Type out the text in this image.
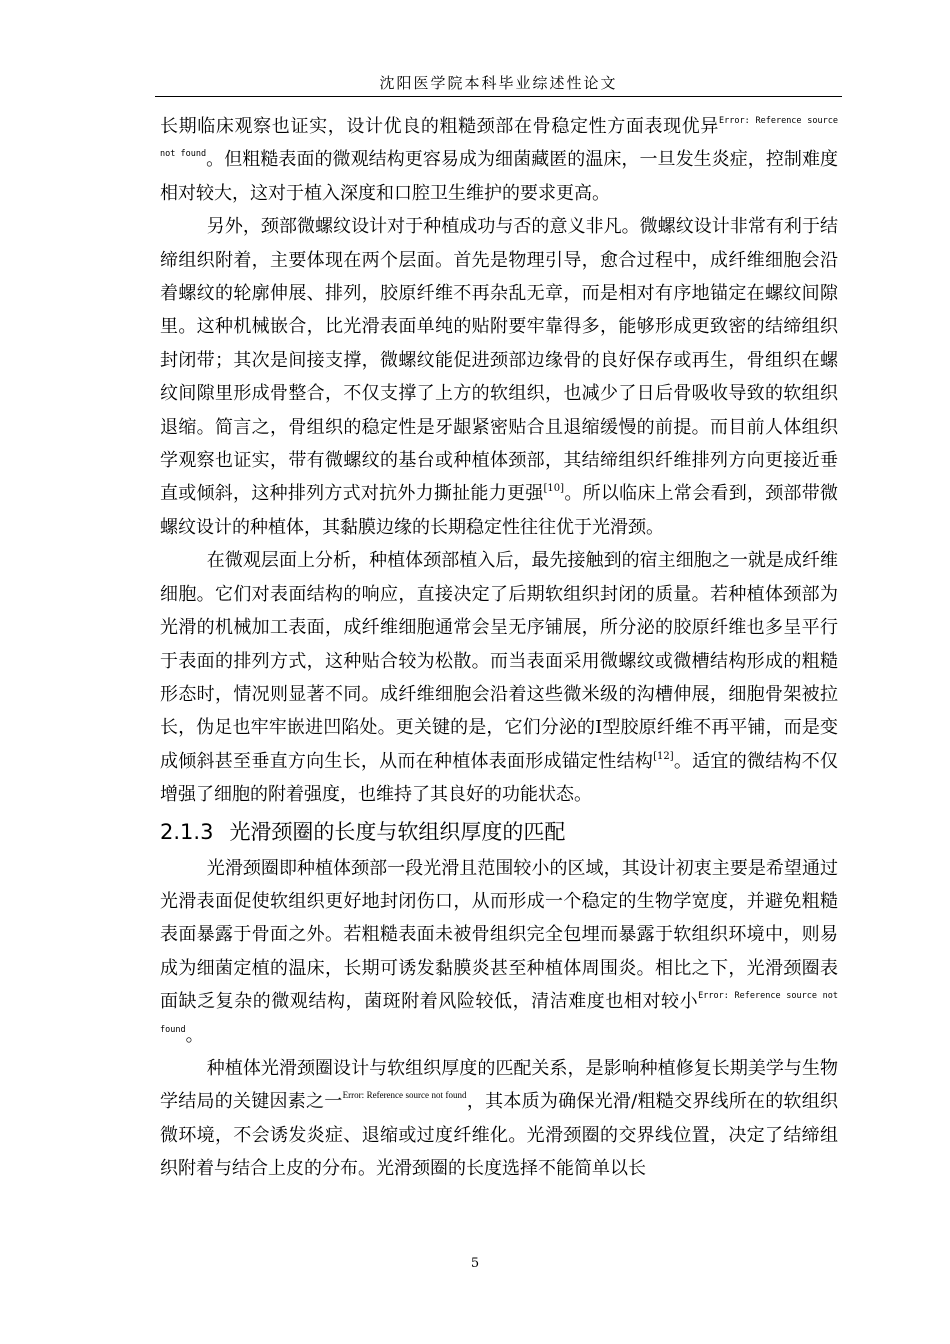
沈阳医学院本科毕业综述性论文

长期临床观察也证实，设计优良的粗糙颈部在骨稳定性方面表现优异$^{Error: Reference source not found}$。但粗糙表面的微观结构更容易成为细菌藏匿的温床，一旦发生炎症，控制难度相对较大，这对于植入深度和口腔卫生维护的要求更高。

另外，颈部微螺纹设计对于种植成功与否的意义非凡。微螺纹设计非常有利于结缔组织附着，主要体现在两个层面。首先是物理引导，愈合过程中，成纤维细胞会沿着螺纹的轮廓伸展、排列，胶原纤维不再杂乱无章，而是相对有序地锚定在螺纹间隙里。这种机械嵌合，比光滑表面单纯的贴附要牢靠得多，能够形成更致密的结缔组织封闭带；其次是间接支撑，微螺纹能促进颈部边缘骨的良好保存或再生，骨组织在螺纹间隙里形成骨整合，不仅支撑了上方的软组织，也减少了日后骨吸收导致的软组织退缩。简言之，骨组织的稳定性是牙龈紧密贴合且退缩缓慢的前提。而目前人体组织学观察也证实，带有微螺纹的基台或种植体颈部，其结缔组织纤维排列方向更接近垂直或倾斜，这种排列方式对抗外力撕扯能力更强[10]。所以临床上常会看到，颈部带微螺纹设计的种植体，其黏膜边缘的长期稳定性往往优于光滑颈。

在微观层面上分析，种植体颈部植入后，最先接触到的宿主细胞之一就是成纤维细胞。它们对表面结构的响应，直接决定了后期软组织封闭的质量。若种植体颈部为光滑的机械加工表面，成纤维细胞通常会呈无序铺展，所分泌的胶原纤维也多呈平行于表面的排列方式，这种贴合较为松散。而当表面采用微螺纹或微槽结构形成的粗糙形态时，情况则显著不同。成纤维细胞会沿着这些微米级的沟槽伸展，细胞骨架被拉长，伪足也牢牢嵌进凹陷处。更关键的是，它们分泌的Ⅰ型胶原纤维不再平铺，而是变成倾斜甚至垂直方向生长，从而在种植体表面形成锚定性结构[12]。适宜的微结构不仅增强了细胞的附着强度，也维持了其良好的功能状态。

2.1.3 光滑颈圈的长度与软组织厚度的匹配

光滑颈圈即种植体颈部一段光滑且范围较小的区域，其设计初衷主要是希望通过光滑表面促使软组织更好地封闭伤口，从而形成一个稳定的生物学宽度，并避免粗糙表面暴露于骨面之外。若粗糙表面未被骨组织完全包埋而暴露于软组织环境中，则易成为细菌定植的温床，长期可诱发黏膜炎甚至种植体周围炎。相比之下，光滑颈圈表面缺乏复杂的微观结构，菌斑附着风险较低，清洁难度也相对较小$^{Error: Reference source not found}$。

种植体光滑颈圈设计与软组织厚度的匹配关系，是影响种植修复长期美学与生物学结局的关键因素之一$^{Error: Reference source not found}$，其本质为确保光滑/粗糙交界线所在的软组织微环境，不会诱发炎症、退缩或过度纤维化。光滑颈圈的交界线位置，决定了结缔组织附着与结合上皮的分布。光滑颈圈的长度选择不能简单以长

5
